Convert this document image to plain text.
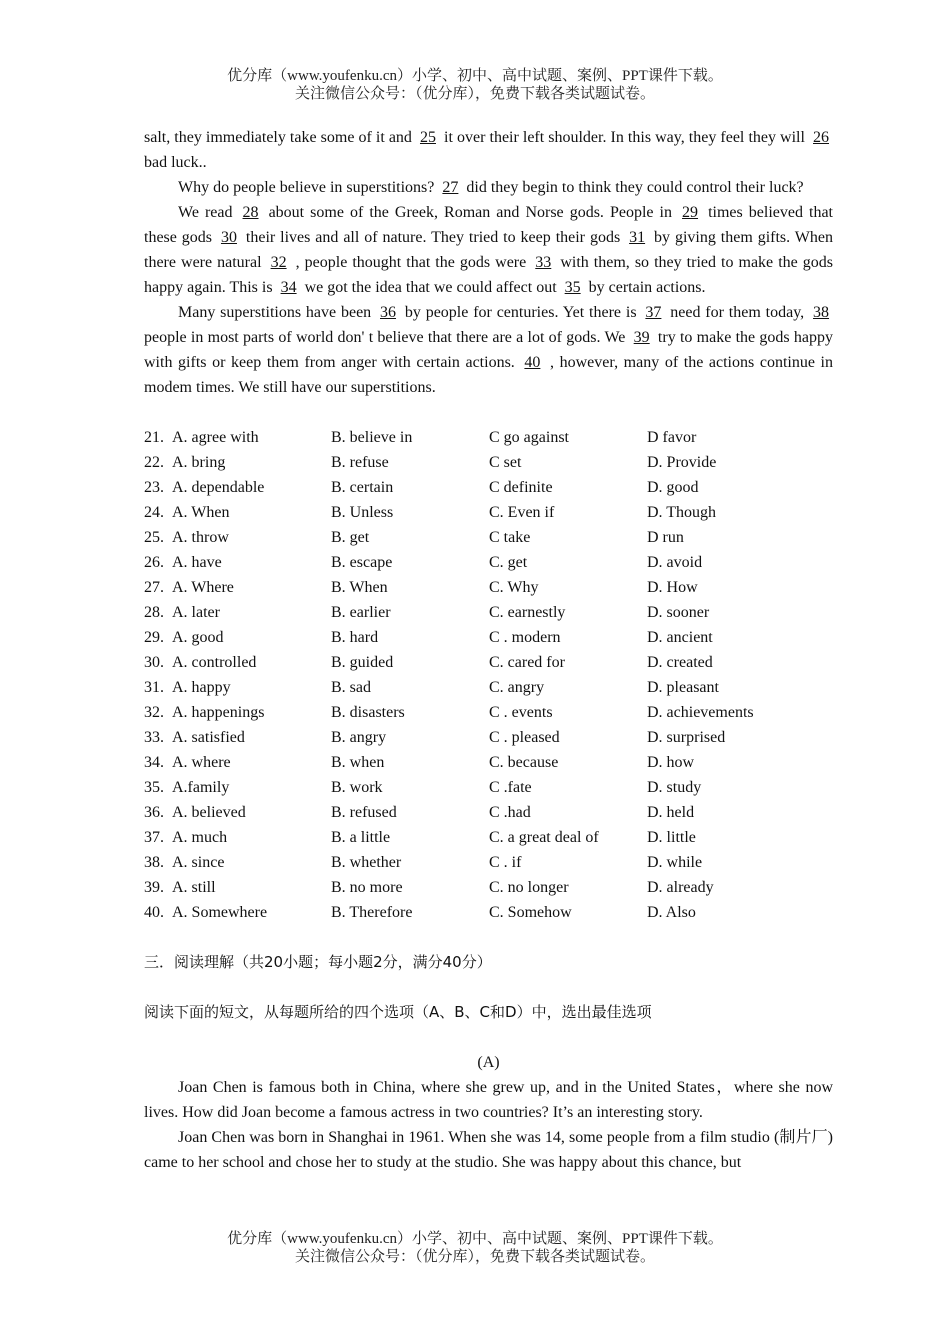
优分库（www.youfenku.cn）小学、初中、高中试题、案例、PPT课件下载。
关注微信公众号：（优分库），免费下载各类试题试卷。

salt, they immediately take some of it and 25 it over their left shoulder. In this way, they feel they will 26 bad luck..

Why do people believe in superstitions? 27 did they begin to think they could control their luck?

We read 28 about some of the Greek, Roman and Norse gods. People in 29 times believed that these gods 30 their lives and all of nature. They tried to keep their gods 31 by giving them gifts. When there were natural 32 , people thought that the gods were 33 with them, so they tried to make the gods happy again. This is 34 we got the idea that we could affect out 35 by certain actions.

Many superstitions have been 36 by people for centuries. Yet there is 37 need for them today, 38 people in most parts of world don' t believe that there are a lot of gods. We 39 try to make the gods happy with gifts or keep them from anger with certain actions. 40 , however, many of the actions continue in modem times. We still have our superstitions.

21. A. agree with	B. believe in	C go against	D favor
22. A. bring	B. refuse	C set	D. Provide
23. A. dependable	B. certain	C definite	D. good
24. A. When	B. Unless	C. Even if	D. Though
25. A. throw	B. get	C take	D run
26. A. have	B. escape	C. get	D. avoid
27. A. Where	B. When	C. Why	D. How
28. A. later	B. earlier	C. earnestly	D. sooner
29. A. good	B. hard	C . modern	D. ancient
30. A. controlled	B. guided	C. cared for	D. created
31. A. happy	B. sad	C. angry	D. pleasant
32. A. happenings	B. disasters	C . events	D. achievements
33. A. satisfied	B. angry	C . pleased	D. surprised
34. A. where	B. when	C. because	D. how
35. A.family	B. work	C .fate	D. study
36. A. believed	B. refused	C .had	D. held
37. A. much	B. a little	C. a great deal of	D. little
38. A. since	B. whether	C . if	D. while
39. A. still	B. no more	C. no longer	D. already
40. A. Somewhere	B. Therefore	C. Somehow	D. Also
三．阅读理解（共20小题；每小题2分，满分40分）
阅读下面的短文，从每题所给的四个选项（A、B、C和D）中，选出最佳选项
(A)

Joan Chen is famous both in China, where she grew up, and in the United States，where she now lives. How did Joan become a famous actress in two countries? It’s an interesting story.

Joan Chen was born in Shanghai in 1961. When she was 14, some people from a film studio (制片厂) came to her school and chose her to study at the studio. She was happy about this chance, but

优分库（www.youfenku.cn）小学、初中、高中试题、案例、PPT课件下载。
关注微信公众号：（优分库），免费下载各类试题试卷。
